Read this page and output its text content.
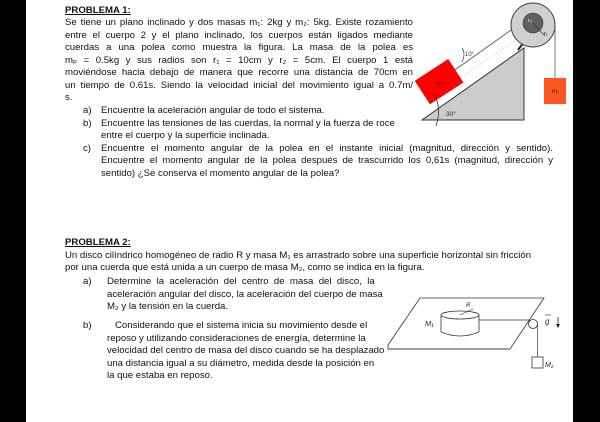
PROBLEMA 1:
Se tiene un plano inclinado y dos masas m₁: 2kg y m₂: 5kg. Existe rozamiento
entre el cuerpo 2 y el plano inclinado, los cuerpos están ligados mediante
cuerdas a una polea como muestra la figura. La masa de la polea es
mₚ = 0.5kg y sus radios son r₁ = 10cm y r₂ = 5cm. El cuerpo 1 está
moviéndose hacia debajo de manera que recorre una distancia de 70cm en
un tiempo de 0.61s. Siendo la velocidad inicial del movimiento igual a 0.7m/
s.
a) Encuentre la aceleración angular de todo el sistema.
b) Encuentre las tensiones de las cuerdas, la normal y la fuerza de roce
entre el cuerpo y la superficie inclinada.
c) Encuentre el momento angular de la polea en el instante inicial (magnitud, dirección y sentido).
Encuentre el momento angular de la polea después de trascurrido los 0,61s (magnitud, dirección y
sentido) ¿Se conserva el momento angular de la polea?
10°
m₂
30°
r₂
r₁
m₁
PROBLEMA 2:
Un disco cilíndrico homogéneo de radio R y masa M₁ es arrastrado sobre una superficie horizontal sin fricción
por una cuerda que está unida a un cuerpo de masa M₂, como se indica en la figura.
a) Determine  la  aceleración  del  centro  de  masa  del  disco,  la
aceleración angular del disco, la aceleración del cuerpo de masa
M₂ y la tensión en la cuerda.
b) Considerando que el sistema inicia su movimiento desde el
reposo y utilizando consideraciones de energía, determine la
velocidad del centro de masa del disco cuando se ha desplazado
una distancia igual a su diámetro, medida desde la posición en
la que estaba en reposo.
R
M₁
M₂
g
